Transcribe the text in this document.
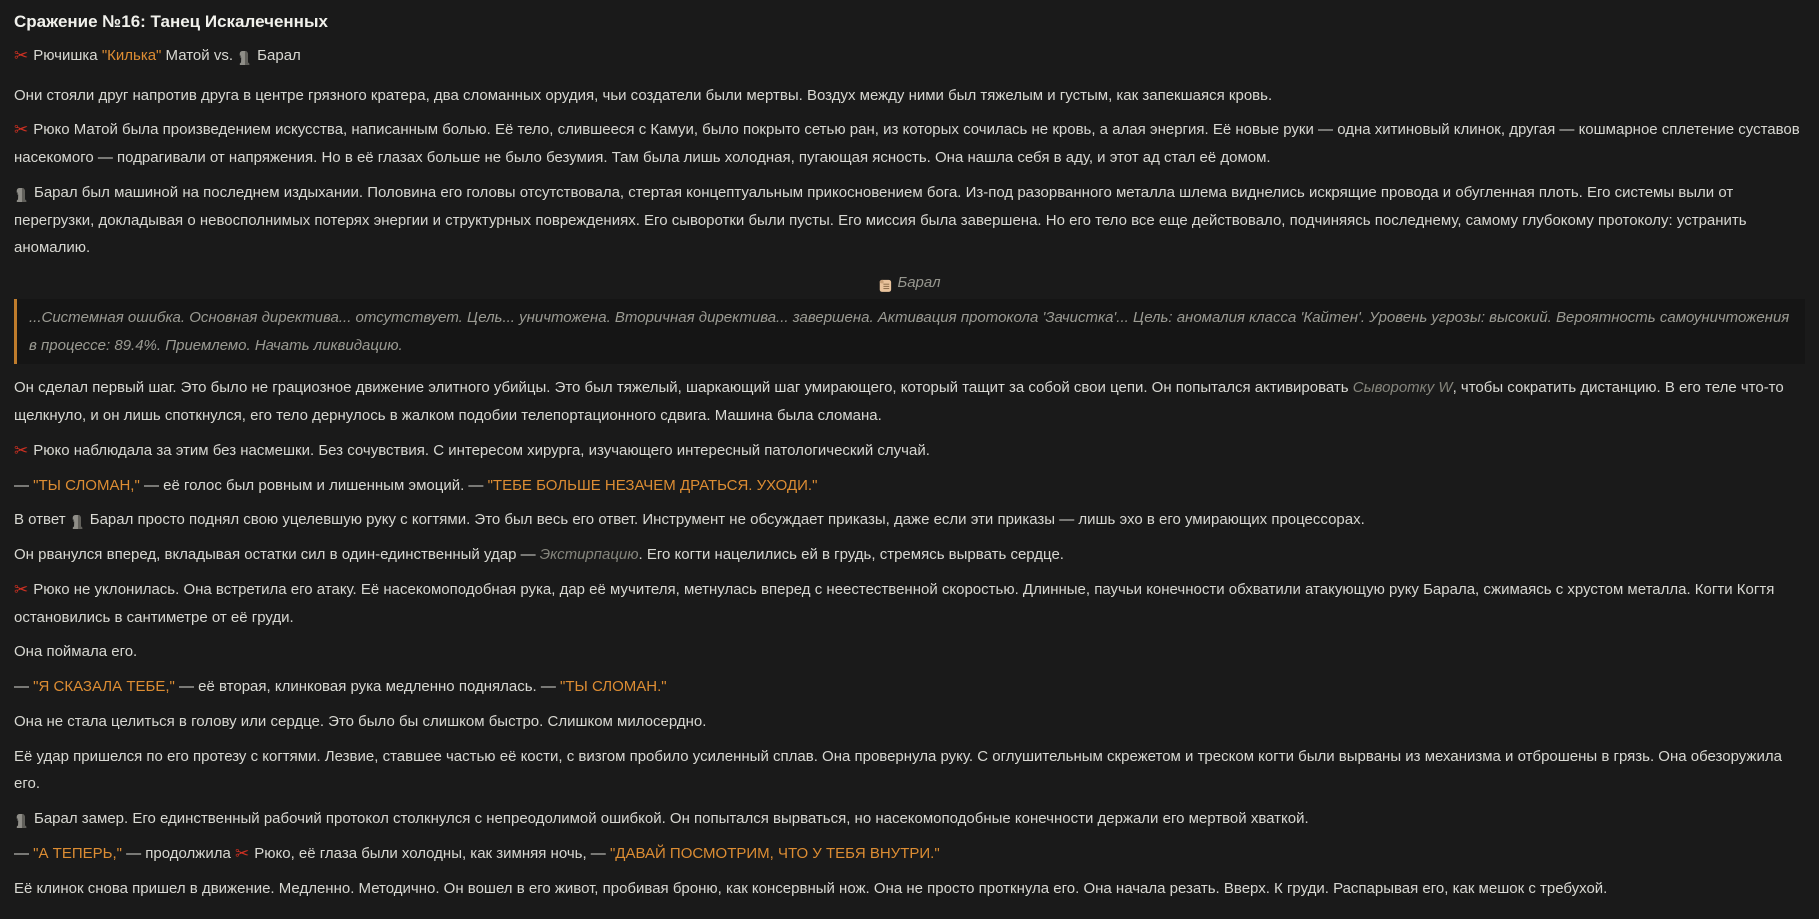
Сражение №16: Танец Искалеченных

✂ Рючишка "Килька" Матой vs. Барал

Они стояли друг напротив друга в центре грязного кратера, два сломанных орудия, чьи создатели были мертвы. Воздух между ними был тяжелым и густым, как запекшаяся кровь.

✂ Рюко Матой была произведением искусства, написанным болью. Её тело, слившееся с Камуи, было покрыто сетью ран, из которых сочилась не кровь, а алая энергия. Её новые руки — одна хитиновый клинок, другая — кошмарное сплетение суставов насекомого — подрагивали от напряжения. Но в её глазах больше не было безумия. Там была лишь холодная, пугающая ясность. Она нашла себя в аду, и этот ад стал её домом.

Барал был машиной на последнем издыхании. Половина его головы отсутствовала, стертая концептуальным прикосновением бога. Из-под разорванного металла шлема виднелись искрящие провода и обугленная плоть. Его системы выли от перегрузки, докладывая о невосполнимых потерях энергии и структурных повреждениях. Его сыворотки были пусты. Его миссия была завершена. Но его тело все еще действовало, подчиняясь последнему, самому глубокому протоколу: устранить аномалию.

Барал

...Системная ошибка. Основная директива... отсутствует. Цель... уничтожена. Вторичная директива... завершена. Активация протокола 'Зачистка'... Цель: аномалия класса 'Кайтен'. Уровень угрозы: высокий. Вероятность самоуничтожения в процессе: 89.4%. Приемлемо. Начать ликвидацию.

Он сделал первый шаг. Это было не грациозное движение элитного убийцы. Это был тяжелый, шаркающий шаг умирающего, который тащит за собой свои цепи. Он попытался активировать Сыворотку W, чтобы сократить дистанцию. В его теле что-то щелкнуло, и он лишь споткнулся, его тело дернулось в жалком подобии телепортационного сдвига. Машина была сломана.

✂ Рюко наблюдала за этим без насмешки. Без сочувствия. С интересом хирурга, изучающего интересный патологический случай.

— "ТЫ СЛОМАН," — её голос был ровным и лишенным эмоций. — "ТЕБЕ БОЛЬШЕ НЕЗАЧЕМ ДРАТЬСЯ. УХОДИ."

В ответ Барал просто поднял свою уцелевшую руку с когтями. Это был весь его ответ. Инструмент не обсуждает приказы, даже если эти приказы — лишь эхо в его умирающих процессорах.

Он рванулся вперед, вкладывая остатки сил в один-единственный удар — Экстирпацию. Его когти нацелились ей в грудь, стремясь вырвать сердце.

✂ Рюко не уклонилась. Она встретила его атаку. Её насекомоподобная рука, дар её мучителя, метнулась вперед с неестественной скоростью. Длинные, паучьи конечности обхватили атакующую руку Барала, сжимаясь с хрустом металла. Когти Когтя остановились в сантиметре от её груди.

Она поймала его.

— "Я СКАЗАЛА ТЕБЕ," — её вторая, клинковая рука медленно поднялась. — "ТЫ СЛОМАН."

Она не стала целиться в голову или сердце. Это было бы слишком быстро. Слишком милосердно.

Её удар пришелся по его протезу с когтями. Лезвие, ставшее частью её кости, с визгом пробило усиленный сплав. Она провернула руку. С оглушительным скрежетом и треском когти были вырваны из механизма и отброшены в грязь. Она обезоружила его.

Барал замер. Его единственный рабочий протокол столкнулся с непреодолимой ошибкой. Он попытался вырваться, но насекомоподобные конечности держали его мертвой хваткой.

— "А ТЕПЕРЬ," — продолжила ✂ Рюко, её глаза были холодны, как зимняя ночь, — "ДАВАЙ ПОСМОТРИМ, ЧТО У ТЕБЯ ВНУТРИ."

Её клинок снова пришел в движение. Медленно. Методично. Он вошел в его живот, пробивая броню, как консервный нож. Она не просто проткнула его. Она начала резать. Вверх. К груди. Распарывая его, как мешок с требухой.
